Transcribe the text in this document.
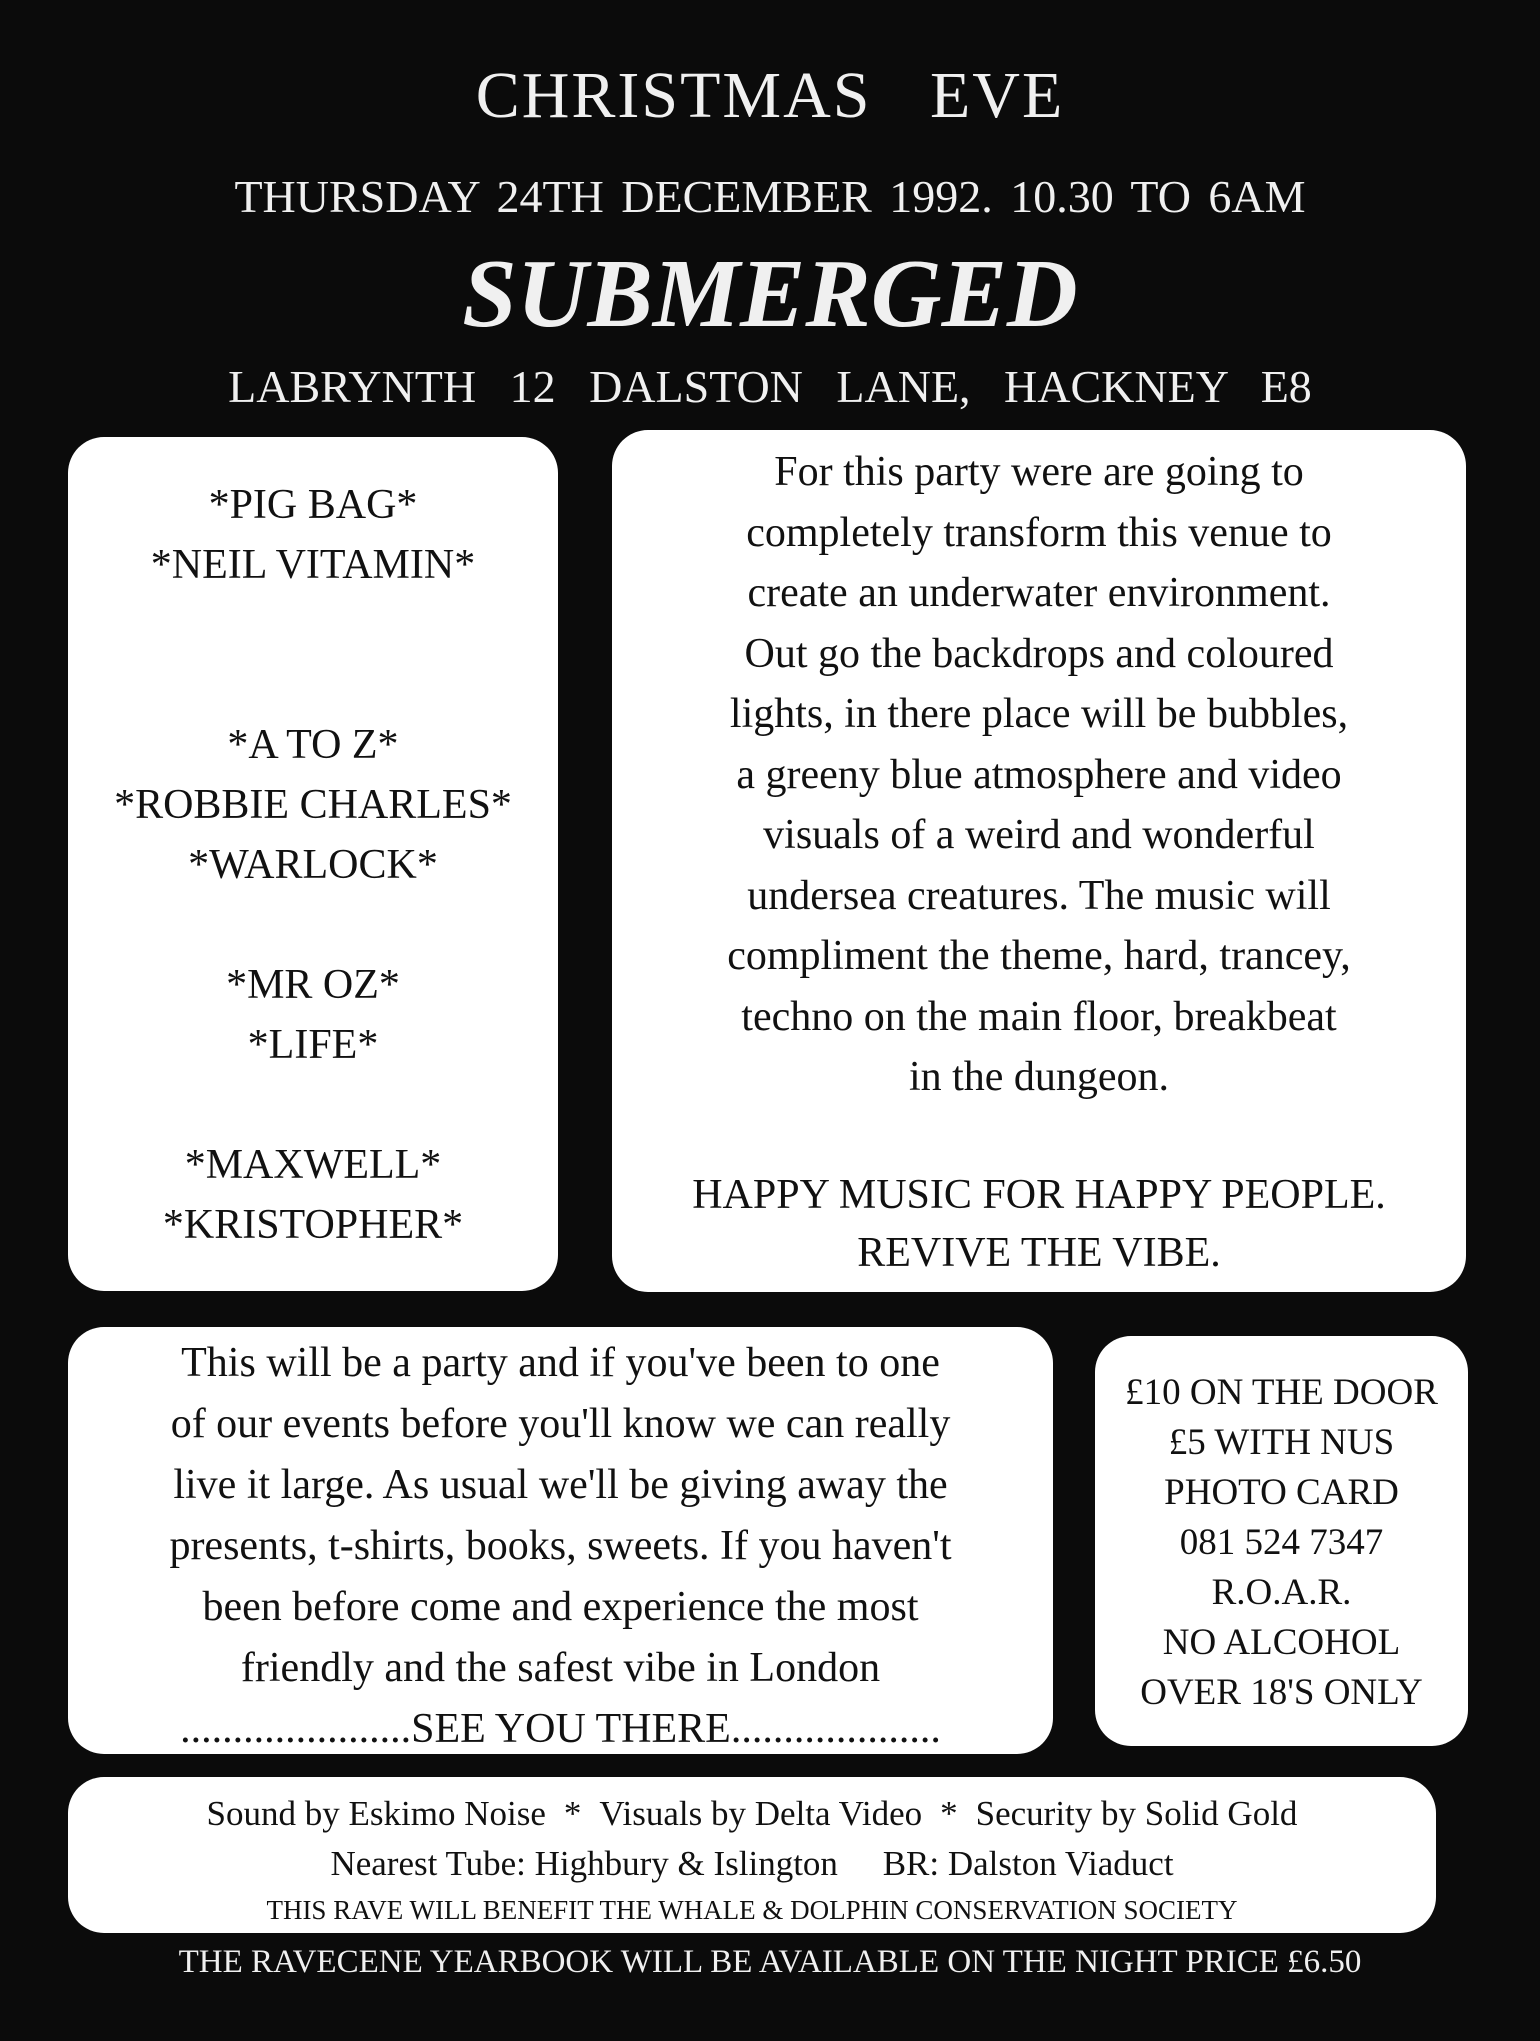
CHRISTMAS EVE
THURSDAY 24TH DECEMBER 1992. 10.30 TO 6AM
SUBMERGED
LABRYNTH 12 DALSTON LANE, HACKNEY E8
*PIG BAG*
*NEIL VITAMIN*
*A TO Z*
*ROBBIE CHARLES*
*WARLOCK*
*MR OZ*
*LIFE*
*MAXWELL*
*KRISTOPHER*
For this party were are going to
completely transform this venue to
create an underwater environment.
Out go the backdrops and coloured
lights, in there place will be bubbles,
a greeny blue atmosphere and video
visuals of a weird and wonderful
undersea creatures. The music will
compliment the theme, hard, trancey,
techno on the main floor, breakbeat
in the dungeon.
HAPPY MUSIC FOR HAPPY PEOPLE.
REVIVE THE VIBE.
This will be a party and if you've been to one
of our events before you'll know we can really
live it large. As usual we'll be giving away the
presents, t-shirts, books, sweets. If you haven't
been before come and experience the most
friendly and the safest vibe in London
......................SEE YOU THERE....................
£10 ON THE DOOR
£5 WITH NUS
PHOTO CARD
081 524 7347
R.O.A.R.
NO ALCOHOL
OVER 18'S ONLY
Sound by Eskimo Noise * Visuals by Delta Video * Security by Solid Gold
Nearest Tube: Highbury & Islington BR: Dalston Viaduct
THIS RAVE WILL BENEFIT THE WHALE & DOLPHIN CONSERVATION SOCIETY
THE RAVECENE YEARBOOK WILL BE AVAILABLE ON THE NIGHT PRICE £6.50
